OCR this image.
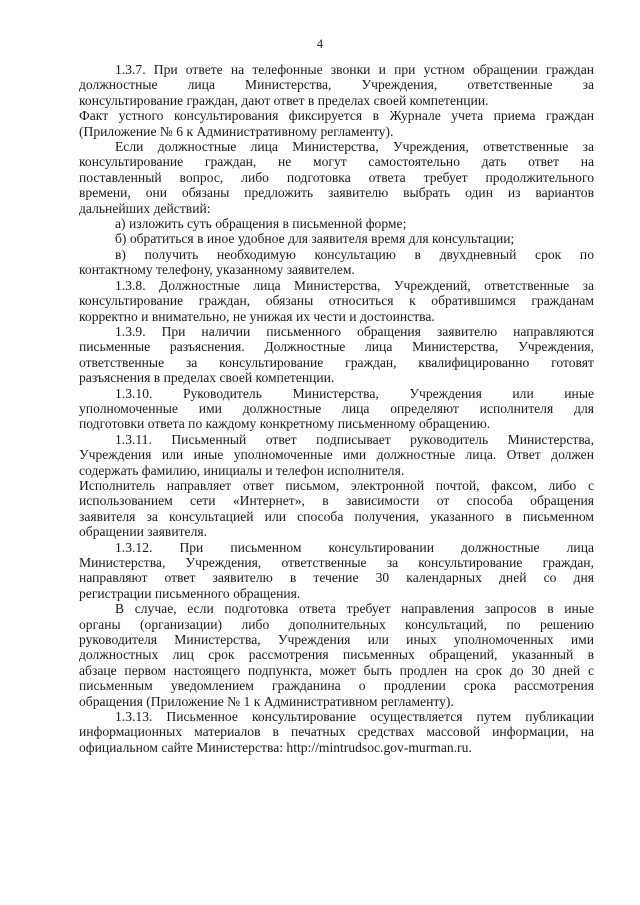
4
1.3.7. При ответе на телефонные звонки и при устном обращении граждан
должностные лица Министерства, Учреждения, ответственные за
консультирование граждан, дают ответ в пределах своей компетенции.
Факт устного консультирования фиксируется в Журнале учета приема граждан
(Приложение № 6 к Административному регламенту).
Если должностные лица Министерства, Учреждения, ответственные за
консультирование граждан, не могут самостоятельно дать ответ на
поставленный вопрос, либо подготовка ответа требует продолжительного
времени, они обязаны предложить заявителю выбрать один из вариантов
дальнейших действий:
а) изложить суть обращения в письменной форме;
б) обратиться в иное удобное для заявителя время для консультации;
в) получить необходимую консультацию в двухдневный срок по
контактному телефону, указанному заявителем.
1.3.8. Должностные лица Министерства, Учреждений, ответственные за
консультирование граждан, обязаны относиться к обратившимся гражданам
корректно и внимательно, не унижая их чести и достоинства.
1.3.9. При наличии письменного обращения заявителю направляются
письменные разъяснения. Должностные лица Министерства, Учреждения,
ответственные за консультирование граждан, квалифицированно готовят
разъяснения в пределах своей компетенции.
1.3.10. Руководитель Министерства, Учреждения или иные
уполномоченные ими должностные лица определяют исполнителя для
подготовки ответа по каждому конкретному письменному обращению.
1.3.11. Письменный ответ подписывает руководитель Министерства,
Учреждения или иные уполномоченные ими должностные лица. Ответ должен
содержать фамилию, инициалы и телефон исполнителя.
Исполнитель направляет ответ письмом, электронной почтой, факсом, либо с
использованием сети «Интернет», в зависимости от способа обращения
заявителя за консультацией или способа получения, указанного в письменном
обращении заявителя.
1.3.12. При письменном консультировании должностные лица
Министерства, Учреждения, ответственные за консультирование граждан,
направляют ответ заявителю в течение 30 календарных дней со дня
регистрации письменного обращения.
В случае, если подготовка ответа требует направления запросов в иные
органы (организации) либо дополнительных консультаций, по решению
руководителя Министерства, Учреждения или иных уполномоченных ими
должностных лиц срок рассмотрения письменных обращений, указанный в
абзаце первом настоящего подпункта, может быть продлен на срок до 30 дней с
письменным уведомлением гражданина о продлении срока рассмотрения
обращения (Приложение № 1 к Административном регламенту).
1.3.13. Письменное консультирование осуществляется путем публикации
информационных материалов в печатных средствах массовой информации, на
официальном сайте Министерства: http://mintrudsoc.gov-murman.ru.
